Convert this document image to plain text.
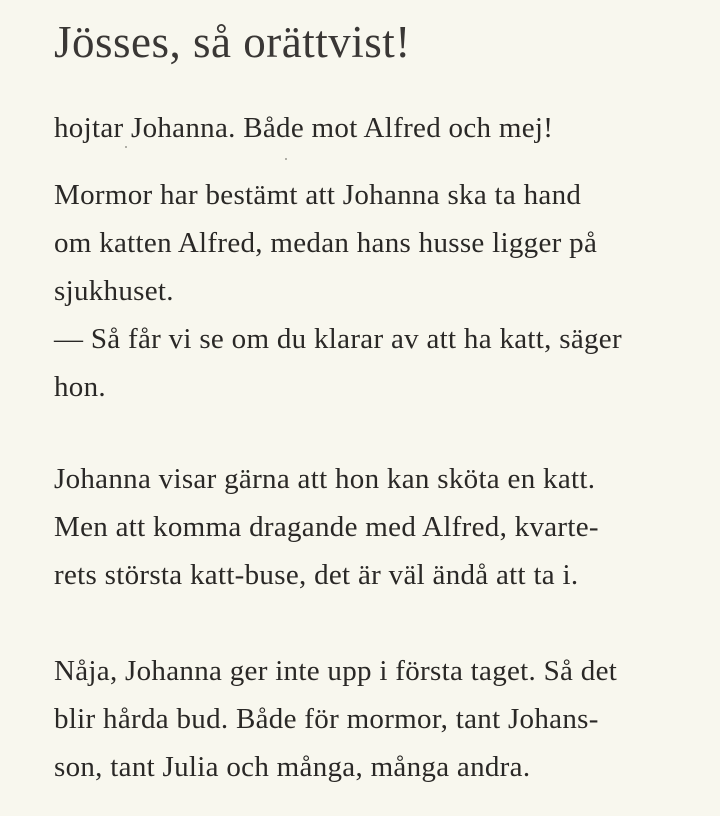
Jösses, så orättvist!
hojtar Johanna. Både mot Alfred och mej!
Mormor har bestämt att Johanna ska ta hand
om katten Alfred, medan hans husse ligger på
sjukhuset.
— Så får vi se om du klarar av att ha katt, säger
hon.
Johanna visar gärna att hon kan sköta en katt.
Men att komma dragande med Alfred, kvarte-
rets största katt-buse, det är väl ändå att ta i.
Nåja, Johanna ger inte upp i första taget. Så det
blir hårda bud. Både för mormor, tant Johans-
son, tant Julia och många, många andra.
